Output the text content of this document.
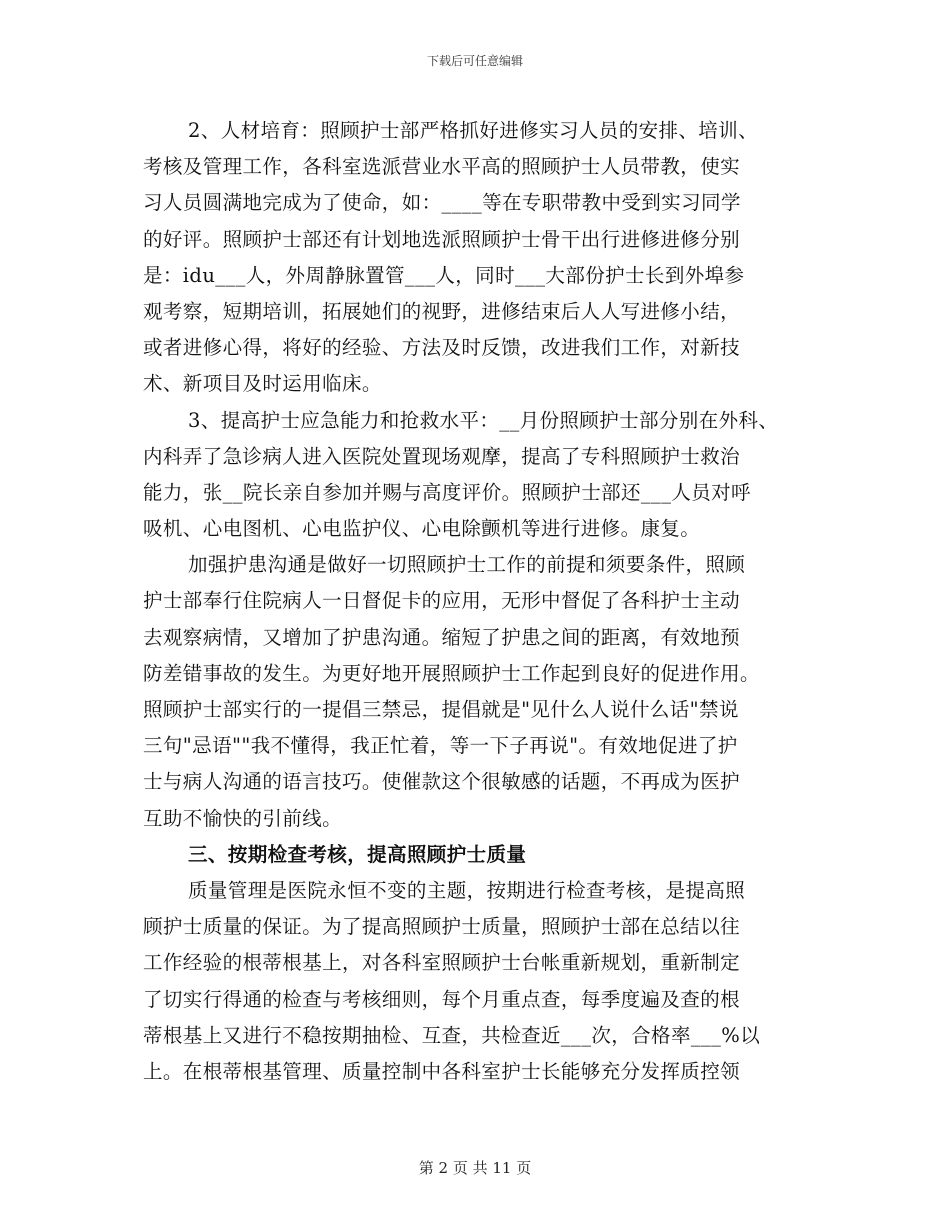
下载后可任意编辑
2、人材培育：照顾护士部严格抓好进修实习人员的安排、培训、
考核及管理工作，各科室选派营业水平高的照顾护士人员带教，使实
习人员圆满地完成为了使命，如：____等在专职带教中受到实习同学
的好评。照顾护士部还有计划地选派照顾护士骨干出行进修进修分别
是：idu___人，外周静脉置管___人，同时___大部份护士长到外埠参
观考察，短期培训，拓展她们的视野，进修结束后人人写进修小结，
或者进修心得，将好的经验、方法及时反馈，改进我们工作，对新技
术、新项目及时运用临床。
3、提高护士应急能力和抢救水平：__月份照顾护士部分别在外科、
内科弄了急诊病人进入医院处置现场观摩，提高了专科照顾护士救治
能力，张__院长亲自参加并赐与高度评价。照顾护士部还___人员对呼
吸机、心电图机、心电监护仪、心电除颤机等进行进修。康复。
加强护患沟通是做好一切照顾护士工作的前提和须要条件，照顾
护士部奉行住院病人一日督促卡的应用，无形中督促了各科护士主动
去观察病情，又增加了护患沟通。缩短了护患之间的距离，有效地预
防差错事故的发生。为更好地开展照顾护士工作起到良好的促进作用。
照顾护士部实行的一提倡三禁忌，提倡就是"见什么人说什么话"禁说
三句"忌语""我不懂得，我正忙着，等一下子再说"。有效地促进了护
士与病人沟通的语言技巧。使催款这个很敏感的话题，不再成为医护
互助不愉快的引前线。
三、按期检查考核，提高照顾护士质量
质量管理是医院永恒不变的主题，按期进行检查考核，是提高照
顾护士质量的保证。为了提高照顾护士质量，照顾护士部在总结以往
工作经验的根蒂根基上，对各科室照顾护士台帐重新规划，重新制定
了切实行得通的检查与考核细则，每个月重点查，每季度遍及查的根
蒂根基上又进行不稳按期抽检、互查，共检查近___次，合格率___%以
上。在根蒂根基管理、质量控制中各科室护士长能够充分发挥质控领
第 2 页 共 11 页
